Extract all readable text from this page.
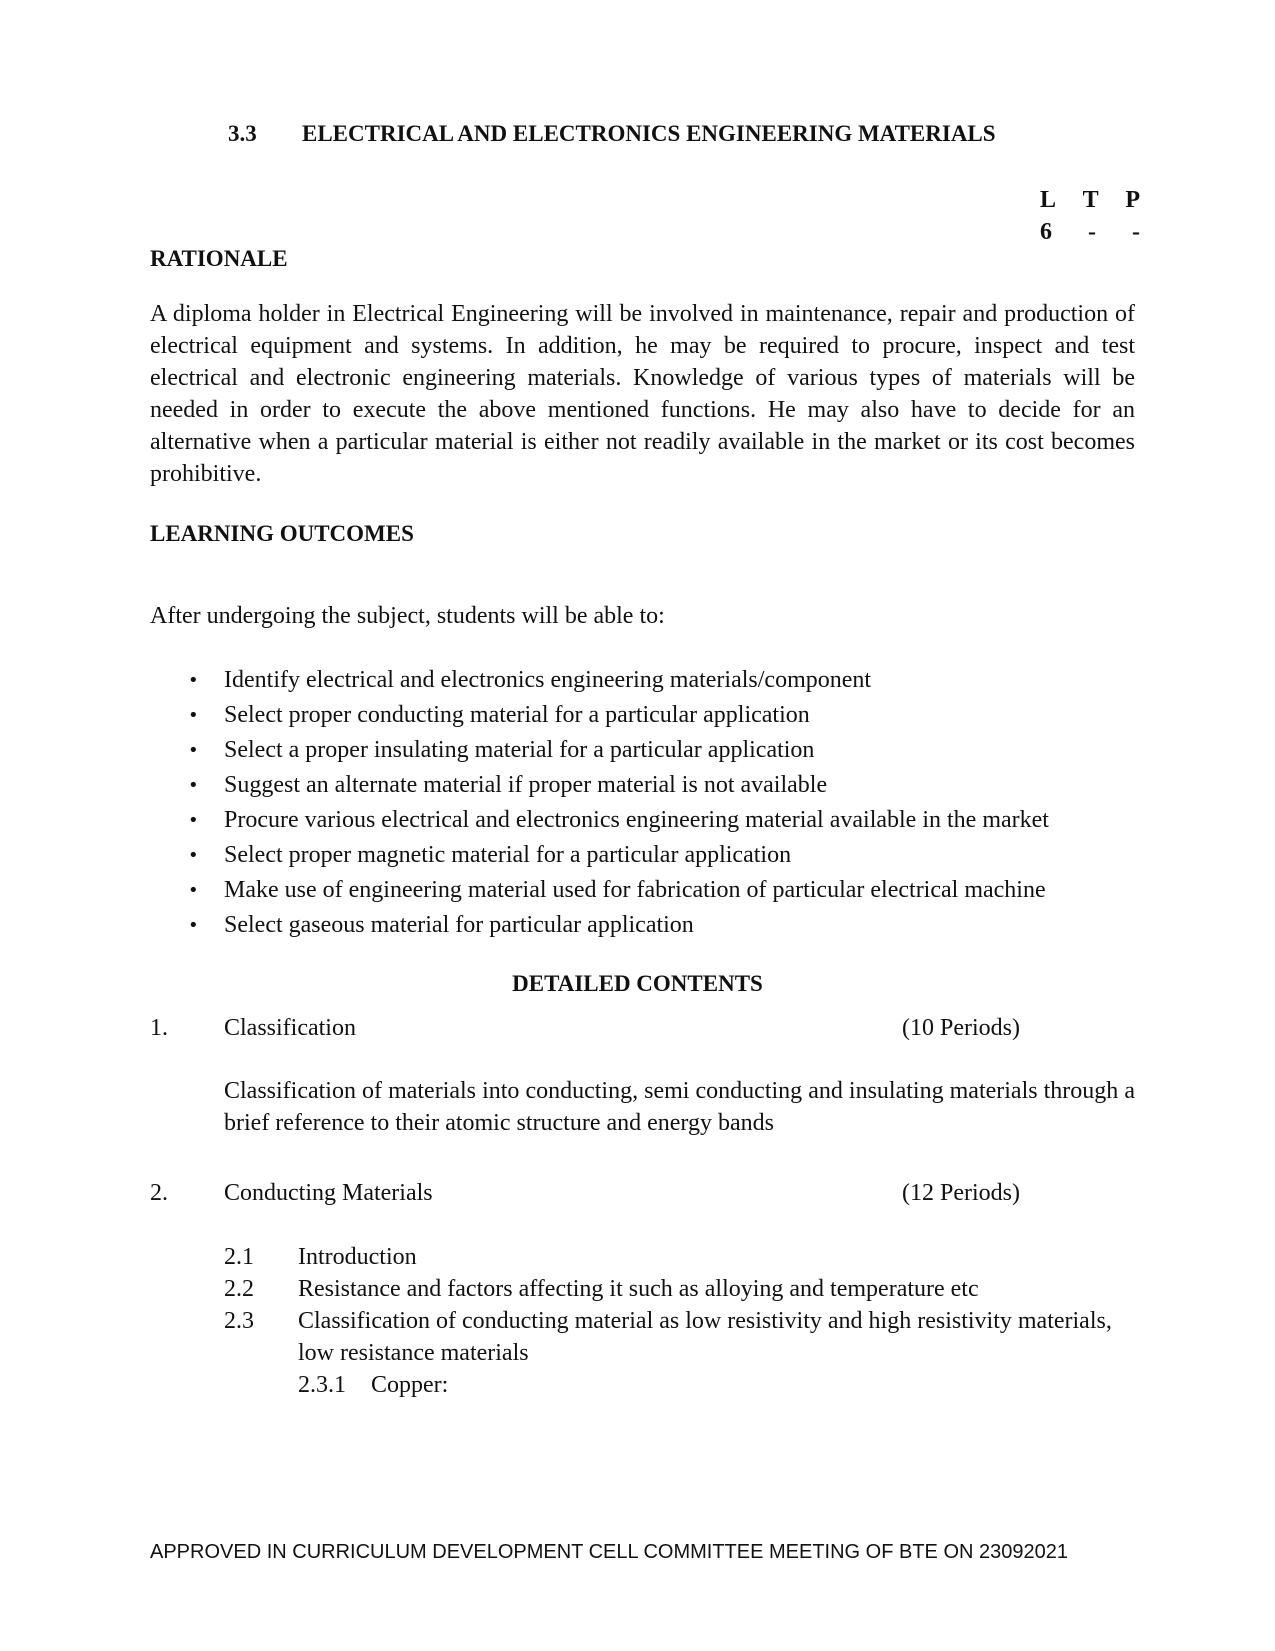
3.3 ELECTRICAL AND ELECTRONICS ENGINEERING MATERIALS
L T P
6 - -
RATIONALE
A diploma holder in Electrical Engineering will be involved in maintenance, repair and production of electrical equipment and systems. In addition, he may be required to procure, inspect and test electrical and electronic engineering materials. Knowledge of various types of materials will be needed in order to execute the above mentioned functions. He may also have to decide for an alternative when a particular material is either not readily available in the market or its cost becomes prohibitive.
LEARNING OUTCOMES
After undergoing the subject, students will be able to:
• Identify electrical and electronics engineering materials/component
• Select proper conducting material for a particular application
• Select a proper insulating material for a particular application
• Suggest an alternate material if proper material is not available
• Procure various electrical and electronics engineering material available in the market
• Select proper magnetic material for a particular application
• Make use of engineering material used for fabrication of particular electrical machine
• Select gaseous material for particular application
DETAILED CONTENTS
1. Classification	(10 Periods)
Classification of materials into conducting, semi conducting and insulating materials through a brief reference to their atomic structure and energy bands
2. Conducting Materials	(12 Periods)
2.1 Introduction
2.2 Resistance and factors affecting it such as alloying and temperature etc
2.3 Classification of conducting material as low resistivity and high resistivity materials, low resistance materials
2.3.1 Copper:
APPROVED IN CURRICULUM DEVELOPMENT CELL COMMITTEE MEETING OF BTE ON 23092021
